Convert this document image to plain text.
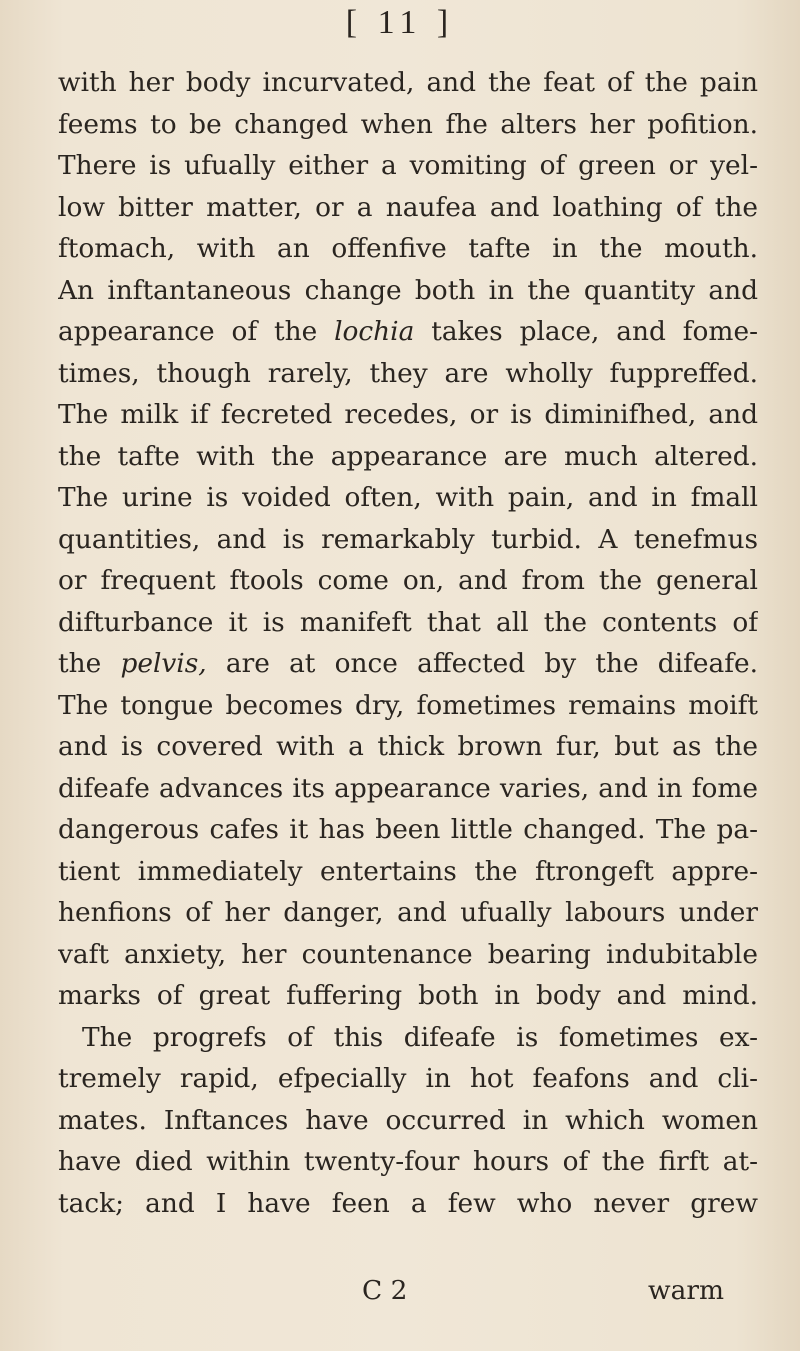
[ 11 ]
with her body incurvated, and the feat of the pain
feems to be changed when fhe alters her pofition.
There is ufually either a vomiting of green or yel-
low bitter matter, or a naufea and loathing of the
ftomach, with an offenfive tafte in the mouth.
An inftantaneous change both in the quantity and
appearance of the lochia takes place, and fome-
times, though rarely, they are wholly fuppreffed.
The milk if fecreted recedes, or is diminifhed, and
the tafte with the appearance are much altered.
The urine is voided often, with pain, and in fmall
quantities, and is remarkably turbid. A tenefmus
or frequent ftools come on, and from the general
difturbance it is manifeft that all the contents of
the pelvis, are at once affected by the difeafe.
The tongue becomes dry, fometimes remains moift
and is covered with a thick brown fur, but as the
difeafe advances its appearance varies, and in fome
dangerous cafes it has been little changed. The pa-
tient immediately entertains the ftrongeft appre-
henfions of her danger, and ufually labours under
vaft anxiety, her countenance bearing indubitable
marks of great fuffering both in body and mind.
The progrefs of this difeafe is fometimes ex-
tremely rapid, efpecially in hot feafons and cli-
mates. Inftances have occurred in which women
have died within twenty-four hours of the firft at-
tack; and I have feen a few who never grew
C 2	warm
